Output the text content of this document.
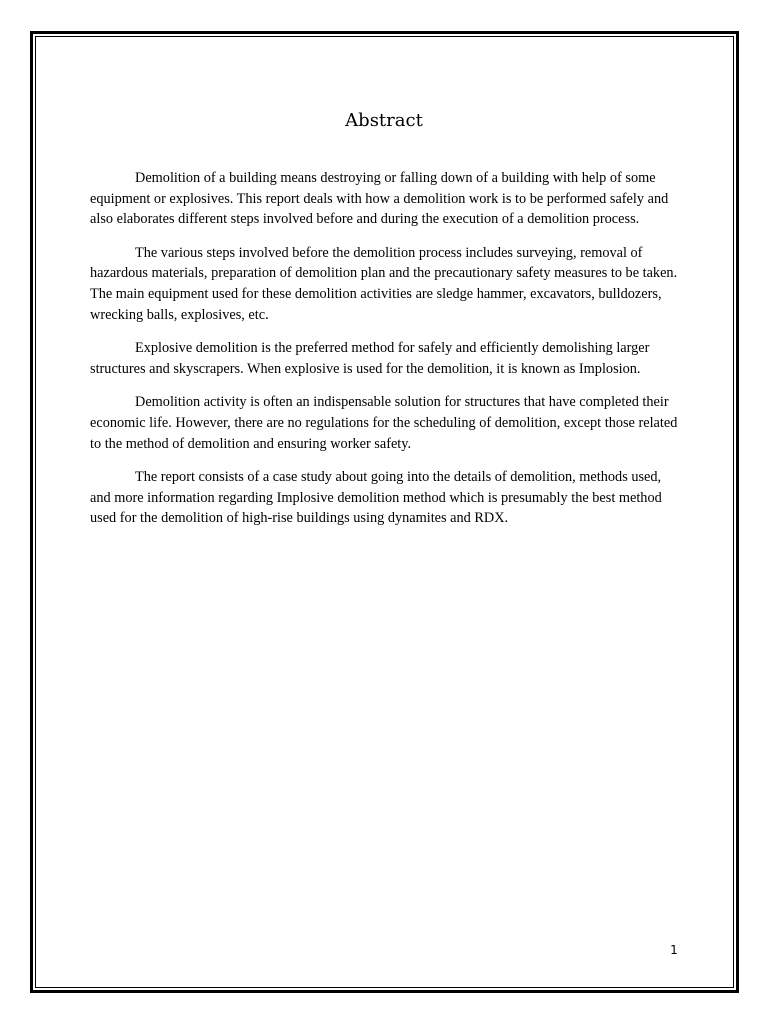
Abstract

Demolition of a building means destroying or falling down of a building with help of some equipment or explosives. This report deals with how a demolition work is to be performed safely and also elaborates different steps involved before and during the execution of a demolition process.

The various steps involved before the demolition process includes surveying, removal of hazardous materials, preparation of demolition plan and the precautionary safety measures to be taken. The main equipment used for these demolition activities are sledge hammer, excavators, bulldozers, wrecking balls, explosives, etc.

Explosive demolition is the preferred method for safely and efficiently demolishing larger structures and skyscrapers. When explosive is used for the demolition, it is known as Implosion.

Demolition activity is often an indispensable solution for structures that have completed their economic life. However, there are no regulations for the scheduling of demolition, except those related to the method of demolition and ensuring worker safety.

The report consists of a case study about going into the details of demolition, methods used, and more information regarding Implosive demolition method which is presumably the best method used for the demolition of high-rise buildings using dynamites and RDX.

1
